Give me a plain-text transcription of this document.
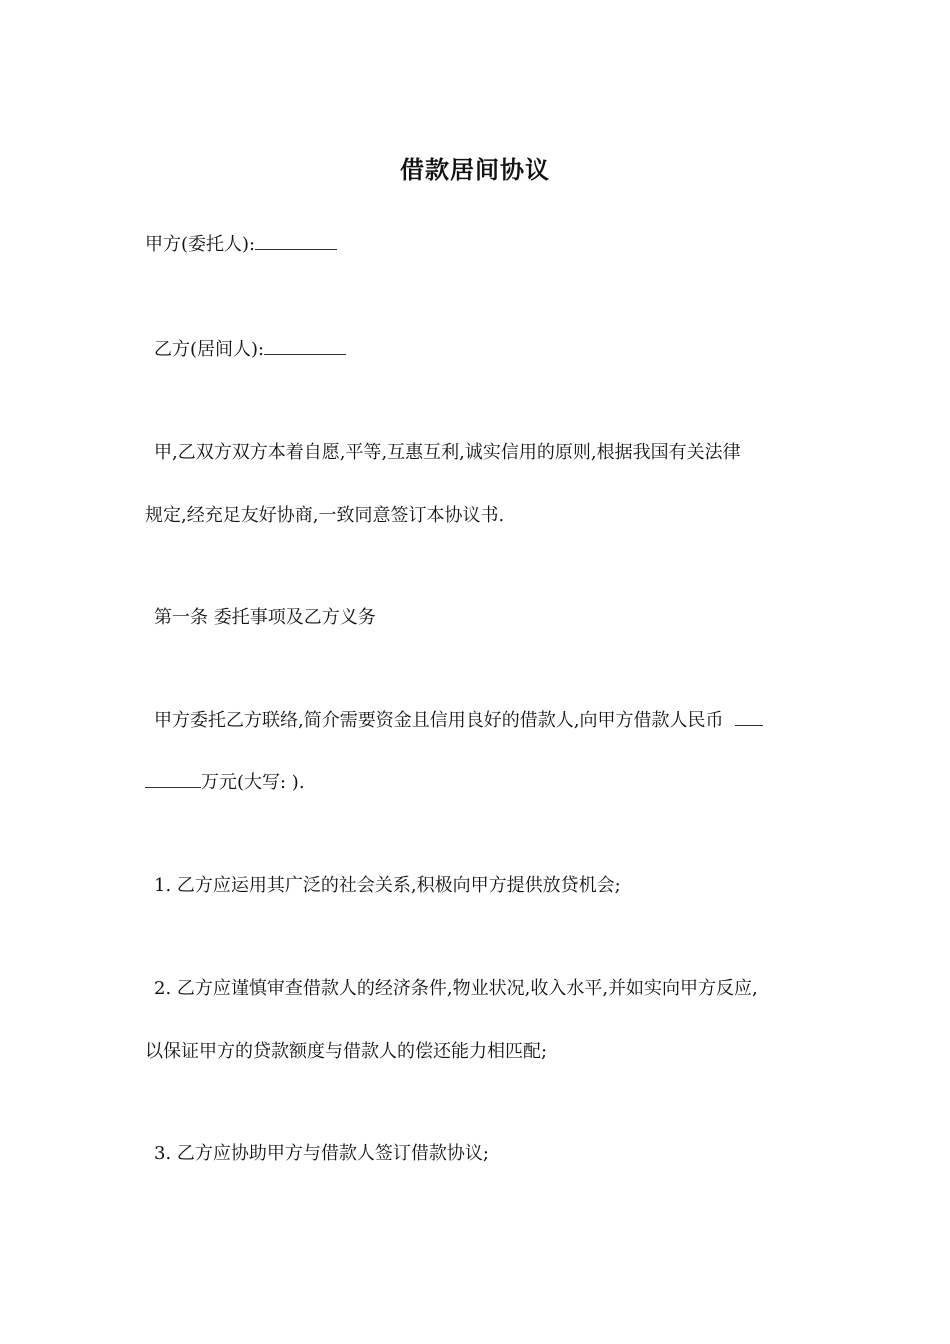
借款居间协议
甲方(委托人):
乙方(居间人):
甲,乙双方双方本着自愿,平等,互惠互利,诚实信用的原则,根据我国有关法律
规定,经充足友好协商,一致同意签订本协议书.
第一条 委托事项及乙方义务
甲方委托乙方联络,简介需要资金且信用良好的借款人,向甲方借款人民币
万元(大写: ).
1. 乙方应运用其广泛的社会关系,积极向甲方提供放贷机会;
2. 乙方应谨慎审查借款人的经济条件,物业状况,收入水平,并如实向甲方反应,
以保证甲方的贷款额度与借款人的偿还能力相匹配;
3. 乙方应协助甲方与借款人签订借款协议;
